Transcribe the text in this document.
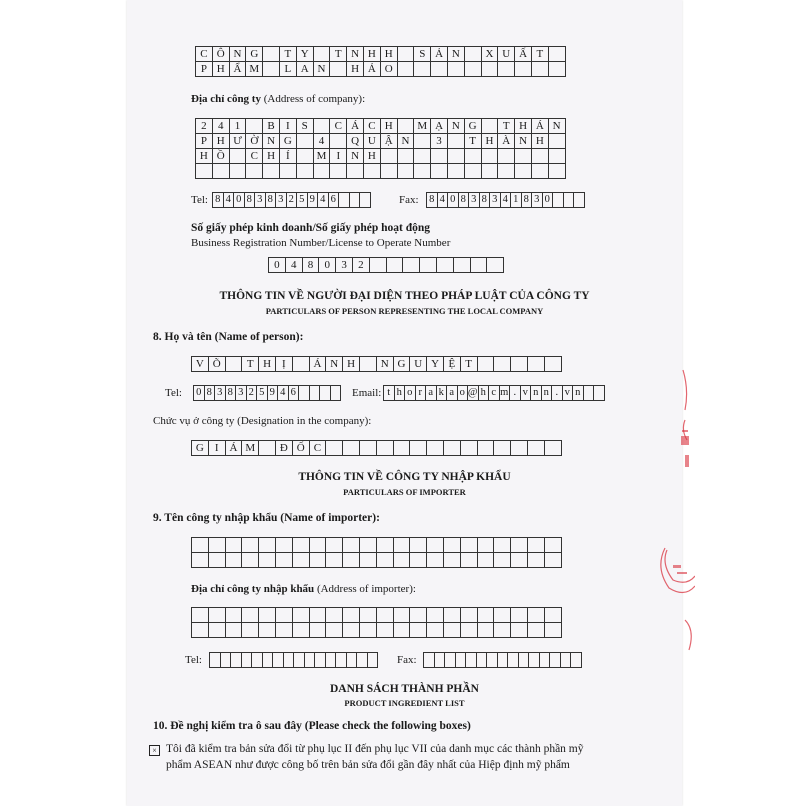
C Ô N G	T Y	T N H H	S Ả N	X U Ấ T
P H Ẩ M	L A N	H Ả O
Địa chỉ công ty (Address of company):
2	4	1	B	I	S	C Á C H	M Ạ N G	T H Á N
P H Ư Ờ N G	4	Q U Ậ N	3	T H À N H
H Ồ	C H Í	M I N H
Tel: 8 4 0 8 3 8 3 2 5 9 4 6	Fax: 8 4 0 8 3 8 3 4 1 8 3 0
Số giấy phép kinh doanh/Số giấy phép hoạt động
Business Registration Number/License to Operate Number
0	4	8	0	3	2
THÔNG TIN VỀ NGƯỜI ĐẠI DIỆN THEO PHÁP LUẬT CỦA CÔNG TY
PARTICULARS OF PERSON REPRESENTING THE LOCAL COMPANY
8. Họ và tên (Name of person):
V Õ	T H Ị	Á N H	N G U Y Ệ T
Tel: 0 8 3 8 3 2 5 9 4 6	Email: t h o r a k a o @ h c m . v n n . v n
Chức vụ ở công ty (Designation in the company):
G I Á M	Đ Ố C
THÔNG TIN VỀ CÔNG TY NHẬP KHẨU
PARTICULARS OF IMPORTER
9. Tên công ty nhập khẩu (Name of importer):
Địa chỉ công ty nhập khẩu (Address of importer):
Tel:	Fax:
DANH SÁCH THÀNH PHẦN
PRODUCT INGREDIENT LIST
10. Đề nghị kiểm tra ô sau đây (Please check the following boxes)
× Tôi đã kiểm tra bản sửa đổi từ phụ lục II đến phụ lục VII của danh mục các thành phần mỹ
phẩm ASEAN như được công bố trên bản sửa đổi gần đây nhất của Hiệp định mỹ phẩm
